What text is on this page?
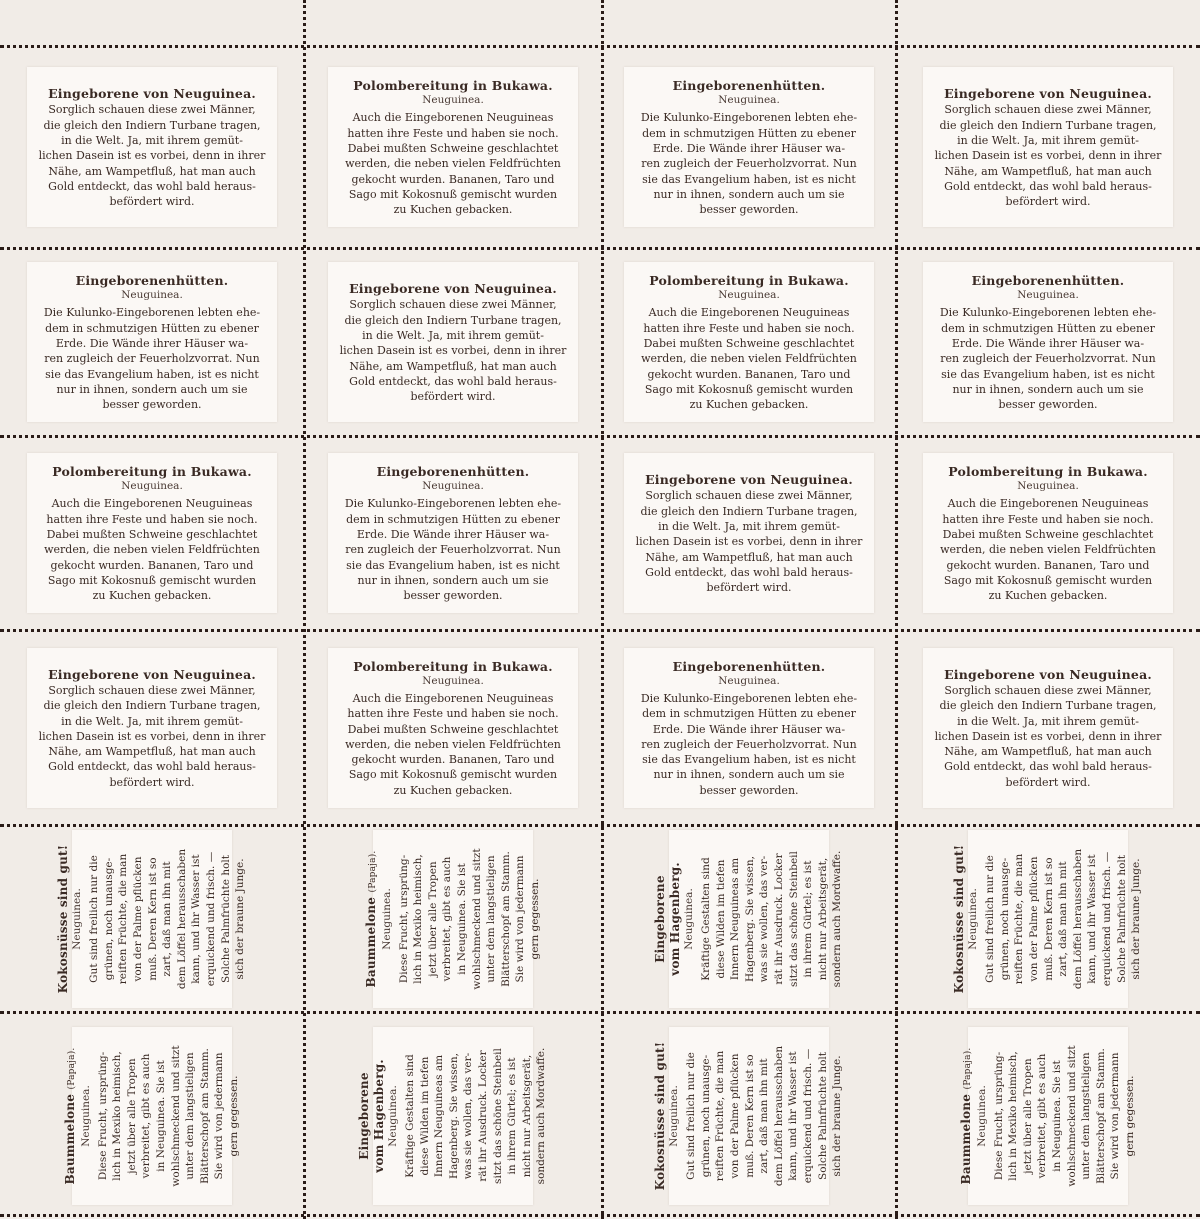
Eingeborene von Neuguinea.
Sorglich schauen diese zwei Männer,
die gleich den Indiern Turbane tragen,
in die Welt. Ja, mit ihrem gemüt-
lichen Dasein ist es vorbei, denn in ihrer
Nähe, am Wampetfluß, hat man auch
Gold entdeckt, das wohl bald heraus-
befördert wird.
Polombereitung in Bukawa.
Neuguinea.
Auch die Eingeborenen Neuguineas
hatten ihre Feste und haben sie noch.
Dabei mußten Schweine geschlachtet
werden, die neben vielen Feldfrüchten
gekocht wurden. Bananen, Taro und
Sago mit Kokosnuß gemischt wurden
zu Kuchen gebacken.
Eingeborenenhütten.
Neuguinea.
Die Kulunko-Eingeborenen lebten ehe-
dem in schmutzigen Hütten zu ebener
Erde. Die Wände ihrer Häuser wa-
ren zugleich der Feuerholzvorrat. Nun
sie das Evangelium haben, ist es nicht
nur in ihnen, sondern auch um sie
besser geworden.
Eingeborene von Neuguinea.
Sorglich schauen diese zwei Männer,
die gleich den Indiern Turbane tragen,
in die Welt. Ja, mit ihrem gemüt-
lichen Dasein ist es vorbei, denn in ihrer
Nähe, am Wampetfluß, hat man auch
Gold entdeckt, das wohl bald heraus-
befördert wird.
Eingeborenenhütten.
Neuguinea.
Die Kulunko-Eingeborenen lebten ehe-
dem in schmutzigen Hütten zu ebener
Erde. Die Wände ihrer Häuser wa-
ren zugleich der Feuerholzvorrat. Nun
sie das Evangelium haben, ist es nicht
nur in ihnen, sondern auch um sie
besser geworden.
Eingeborene von Neuguinea.
Sorglich schauen diese zwei Männer,
die gleich den Indiern Turbane tragen,
in die Welt. Ja, mit ihrem gemüt-
lichen Dasein ist es vorbei, denn in ihrer
Nähe, am Wampetfluß, hat man auch
Gold entdeckt, das wohl bald heraus-
befördert wird.
Polombereitung in Bukawa.
Neuguinea.
Auch die Eingeborenen Neuguineas
hatten ihre Feste und haben sie noch.
Dabei mußten Schweine geschlachtet
werden, die neben vielen Feldfrüchten
gekocht wurden. Bananen, Taro und
Sago mit Kokosnuß gemischt wurden
zu Kuchen gebacken.
Eingeborenenhütten.
Neuguinea.
Die Kulunko-Eingeborenen lebten ehe-
dem in schmutzigen Hütten zu ebener
Erde. Die Wände ihrer Häuser wa-
ren zugleich der Feuerholzvorrat. Nun
sie das Evangelium haben, ist es nicht
nur in ihnen, sondern auch um sie
besser geworden.
Polombereitung in Bukawa.
Neuguinea.
Auch die Eingeborenen Neuguineas
hatten ihre Feste und haben sie noch.
Dabei mußten Schweine geschlachtet
werden, die neben vielen Feldfrüchten
gekocht wurden. Bananen, Taro und
Sago mit Kokosnuß gemischt wurden
zu Kuchen gebacken.
Eingeborenenhütten.
Neuguinea.
Die Kulunko-Eingeborenen lebten ehe-
dem in schmutzigen Hütten zu ebener
Erde. Die Wände ihrer Häuser wa-
ren zugleich der Feuerholzvorrat. Nun
sie das Evangelium haben, ist es nicht
nur in ihnen, sondern auch um sie
besser geworden.
Eingeborene von Neuguinea.
Sorglich schauen diese zwei Männer,
die gleich den Indiern Turbane tragen,
in die Welt. Ja, mit ihrem gemüt-
lichen Dasein ist es vorbei, denn in ihrer
Nähe, am Wampetfluß, hat man auch
Gold entdeckt, das wohl bald heraus-
befördert wird.
Polombereitung in Bukawa.
Neuguinea.
Auch die Eingeborenen Neuguineas
hatten ihre Feste und haben sie noch.
Dabei mußten Schweine geschlachtet
werden, die neben vielen Feldfrüchten
gekocht wurden. Bananen, Taro und
Sago mit Kokosnuß gemischt wurden
zu Kuchen gebacken.
Eingeborene von Neuguinea.
Sorglich schauen diese zwei Männer,
die gleich den Indiern Turbane tragen,
in die Welt. Ja, mit ihrem gemüt-
lichen Dasein ist es vorbei, denn in ihrer
Nähe, am Wampetfluß, hat man auch
Gold entdeckt, das wohl bald heraus-
befördert wird.
Polombereitung in Bukawa.
Neuguinea.
Auch die Eingeborenen Neuguineas
hatten ihre Feste und haben sie noch.
Dabei mußten Schweine geschlachtet
werden, die neben vielen Feldfrüchten
gekocht wurden. Bananen, Taro und
Sago mit Kokosnuß gemischt wurden
zu Kuchen gebacken.
Eingeborenenhütten.
Neuguinea.
Die Kulunko-Eingeborenen lebten ehe-
dem in schmutzigen Hütten zu ebener
Erde. Die Wände ihrer Häuser wa-
ren zugleich der Feuerholzvorrat. Nun
sie das Evangelium haben, ist es nicht
nur in ihnen, sondern auch um sie
besser geworden.
Eingeborene von Neuguinea.
Sorglich schauen diese zwei Männer,
die gleich den Indiern Turbane tragen,
in die Welt. Ja, mit ihrem gemüt-
lichen Dasein ist es vorbei, denn in ihrer
Nähe, am Wampetfluß, hat man auch
Gold entdeckt, das wohl bald heraus-
befördert wird.
Kokosnüsse sind gut! Neuguinea. Gut sind freilich nur die grünen, noch unausge- reiften Früchte, die man von der Palme pflücken muß. Deren Kern ist so zart, daß man ihn mit dem Löffel herausschaben kann, und ihr Wasser ist erquickend und frisch. — Solche Palmfrüchte holt sich der braune Junge.	Baummelone (Papaja).
Neuguinea. Diese Frucht, ursprüng- lich in Mexiko heimisch, jetzt über alle Tropen verbreitet, gibt es auch in Neuguinea. Sie ist wohlschmeckend und sitzt unter dem langstieligen Blätterschopf am Stamm. Sie wird von jedermann gern gegessen.	Eingeborene vom Hagenberg. Neuguinea. Kräftige Gestalten sind diese Wilden im tiefen Innern Neuguineas am Hagenberg. Sie wissen, was sie wollen, das ver- rät ihr Ausdruck. Locker sitzt das schöne Steinbeil in ihrem Gürtel; es ist nicht nur Arbeitsgerät, sondern auch Mordwaffe.	Kokosnüsse sind gut! Neuguinea. Gut sind freilich nur die grünen, noch unausge- reiften Früchte, die man von der Palme pflücken muß. Deren Kern ist so zart, daß man ihn mit dem Löffel herausschaben kann, und ihr Wasser ist erquickend und frisch. — Solche Palmfrüchte holt sich der braune Junge.
Baummelone (Papaja).
Neuguinea. Diese Frucht, ursprüng- lich in Mexiko heimisch, jetzt über alle Tropen verbreitet, gibt es auch in Neuguinea. Sie ist wohlschmeckend und sitzt unter dem langstieligen Blätterschopf am Stamm. Sie wird von jedermann gern gegessen.	Eingeborene vom Hagenberg. Neuguinea. Kräftige Gestalten sind diese Wilden im tiefen Innern Neuguineas am Hagenberg. Sie wissen, was sie wollen, das ver- rät ihr Ausdruck. Locker sitzt das schöne Steinbeil in ihrem Gürtel; es ist nicht nur Arbeitsgerät, sondern auch Mordwaffe.	Kokosnüsse sind gut! Neuguinea. Gut sind freilich nur die grünen, noch unausge- reiften Früchte, die man von der Palme pflücken muß. Deren Kern ist so zart, daß man ihn mit dem Löffel herausschaben kann, und ihr Wasser ist erquickend und frisch. — Solche Palmfrüchte holt sich der braune Junge.	Baummelone (Papaja).
Neuguinea. Diese Frucht, ursprüng- lich in Mexiko heimisch, jetzt über alle Tropen verbreitet, gibt es auch in Neuguinea. Sie ist wohlschmeckend und sitzt unter dem langstieligen Blätterschopf am Stamm. Sie wird von jedermann gern gegessen.
